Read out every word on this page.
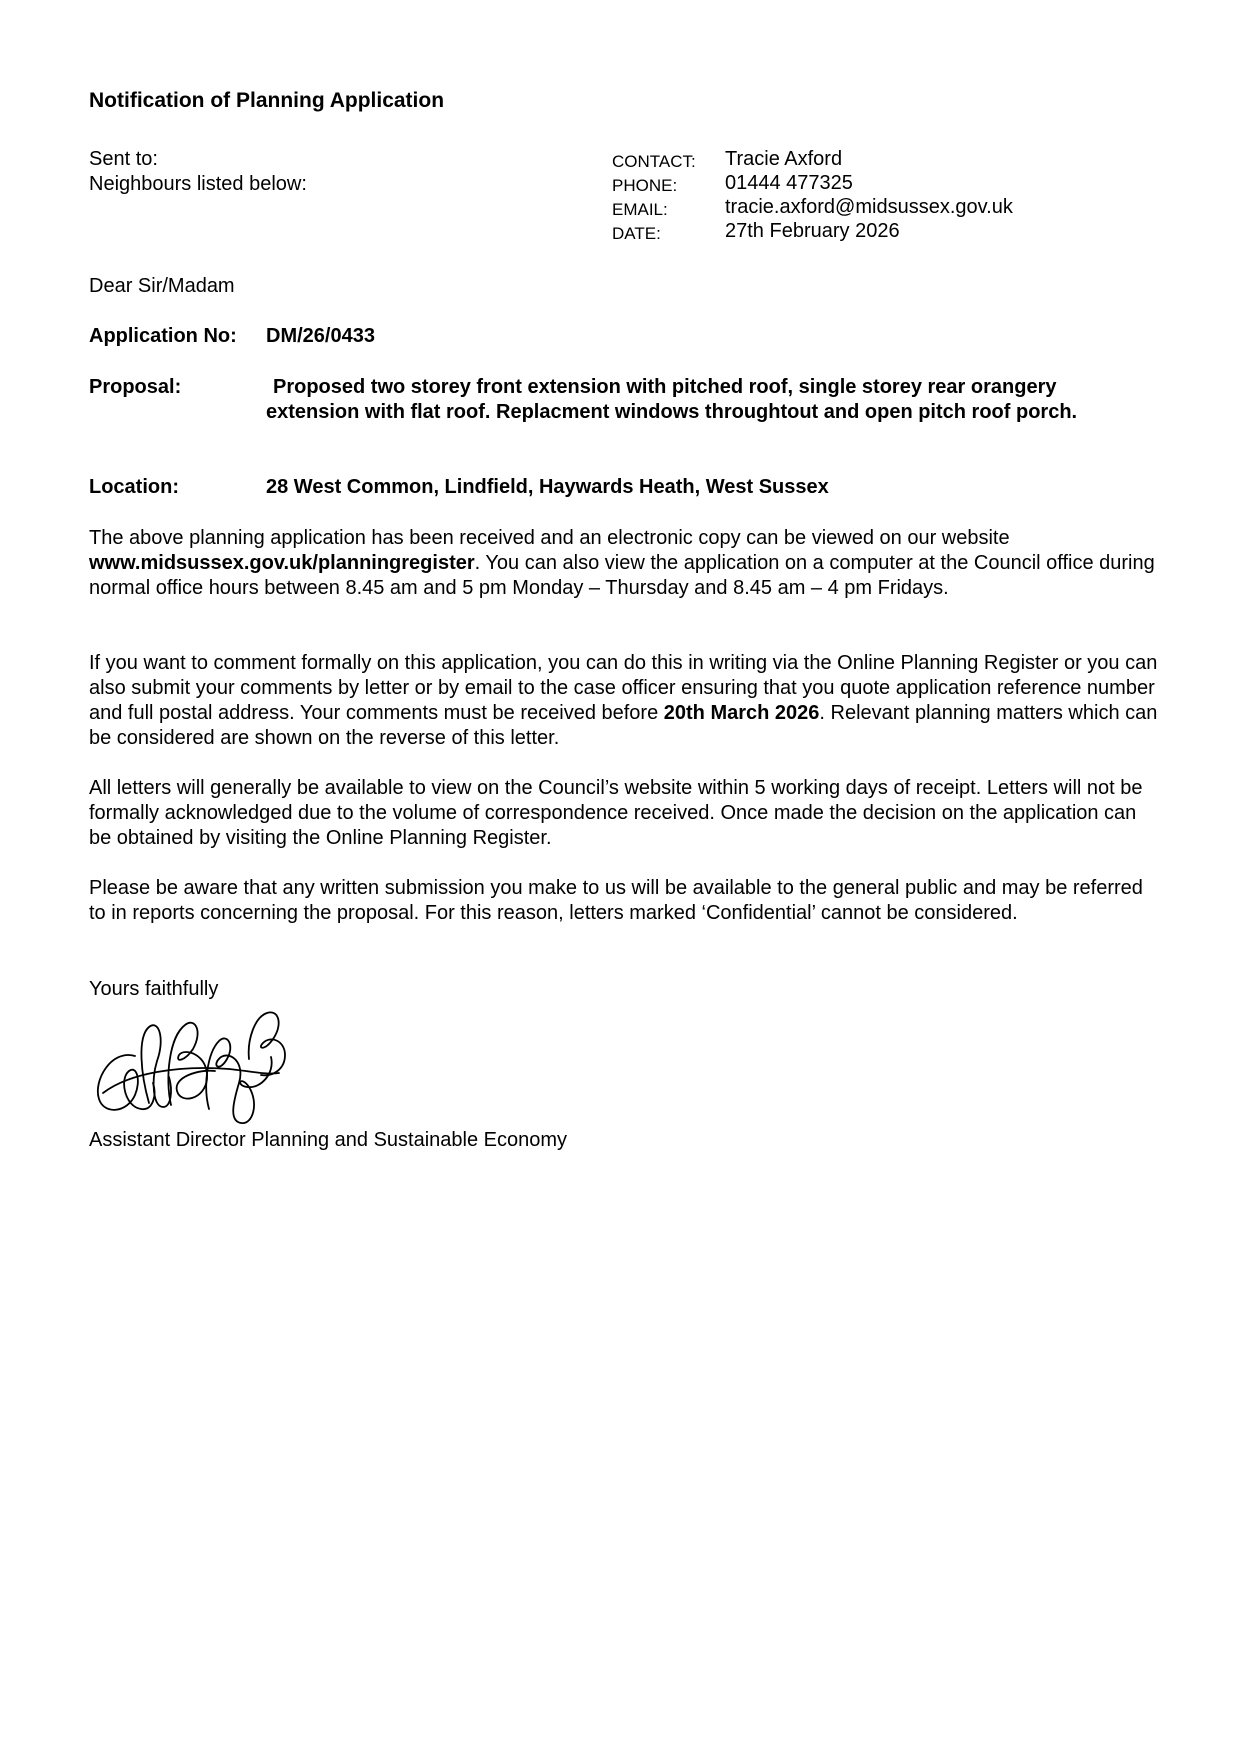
Notification of Planning Application
Sent to:
Neighbours listed below:
CONTACT: Tracie Axford
PHONE: 01444 477325
EMAIL:	tracie.axford@midsussex.gov.uk
DATE:	27th February 2026
Dear Sir/Madam
Application No: DM/26/0433
Proposal:	Proposed two storey front extension with pitched roof, single storey rear orangery extension with flat roof. Replacment windows throughtout and open pitch roof porch.
Location:	28 West Common, Lindfield, Haywards Heath, West Sussex
The above planning application has been received and an electronic copy can be viewed on our website www.midsussex.gov.uk/planningregister. You can also view the application on a computer at the Council office during normal office hours between 8.45 am and 5 pm Monday – Thursday and 8.45 am – 4 pm Fridays.
If you want to comment formally on this application, you can do this in writing via the Online Planning Register or you can also submit your comments by letter or by email to the case officer ensuring that you quote application reference number and full postal address. Your comments must be received before 20th March 2026. Relevant planning matters which can be considered are shown on the reverse of this letter.
All letters will generally be available to view on the Council’s website within 5 working days of receipt. Letters will not be formally acknowledged due to the volume of correspondence received. Once made the decision on the application can be obtained by visiting the Online Planning Register.
Please be aware that any written submission you make to us will be available to the general public and may be referred to in reports concerning the proposal. For this reason, letters marked ‘Confidential’ cannot be considered.
Yours faithfully
Assistant Director Planning and Sustainable Economy
